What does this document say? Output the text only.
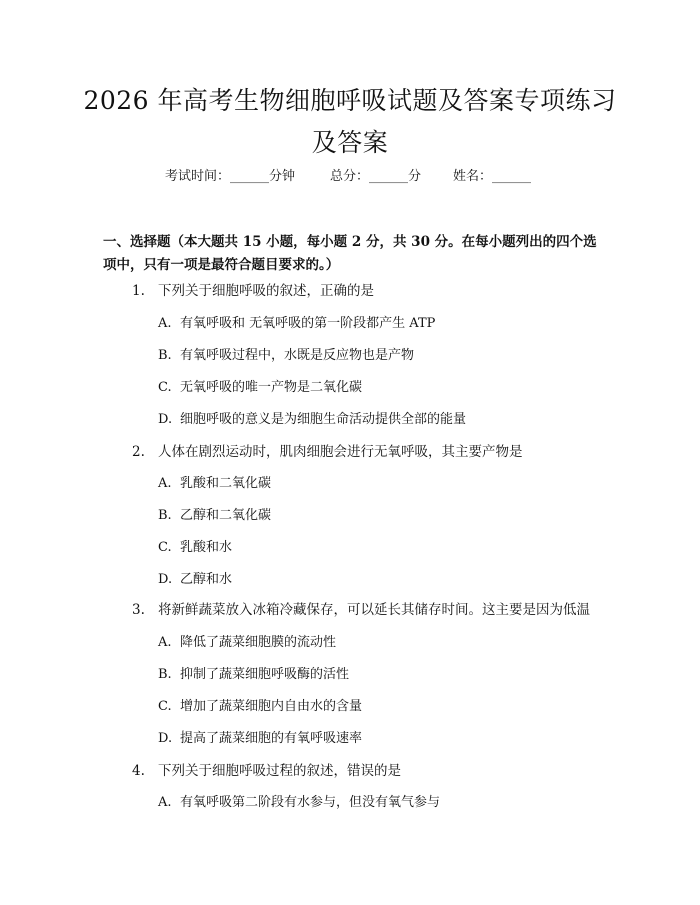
2026 年高考生物细胞呼吸试题及答案专项练习及答案
考试时间：______分钟	总分：______分 姓名：______
一、选择题（本大题共 15 小题，每小题 2 分，共 30 分。在每小题列出的四个选项中，只有一项是最符合题目要求的。）
1. 下列关于细胞呼吸的叙述，正确的是
A. 有氧呼吸和 无氧呼吸的第一阶段都产生 ATP
B. 有氧呼吸过程中，水既是反应物也是产物
C. 无氧呼吸的唯一产物是二氧化碳
D. 细胞呼吸的意义是为细胞生命活动提供全部的能量
2. 人体在剧烈运动时，肌肉细胞会进行无氧呼吸，其主要产物是
A. 乳酸和二氧化碳
B. 乙醇和二氧化碳
C. 乳酸和水
D. 乙醇和水
3. 将新鲜蔬菜放入冰箱冷藏保存，可以延长其储存时间。这主要是因为低温
A. 降低了蔬菜细胞膜的流动性
B. 抑制了蔬菜细胞呼吸酶的活性
C. 增加了蔬菜细胞内自由水的含量
D. 提高了蔬菜细胞的有氧呼吸速率
4. 下列关于细胞呼吸过程的叙述，错误的是
A. 有氧呼吸第二阶段有水参与，但没有氧气参与
